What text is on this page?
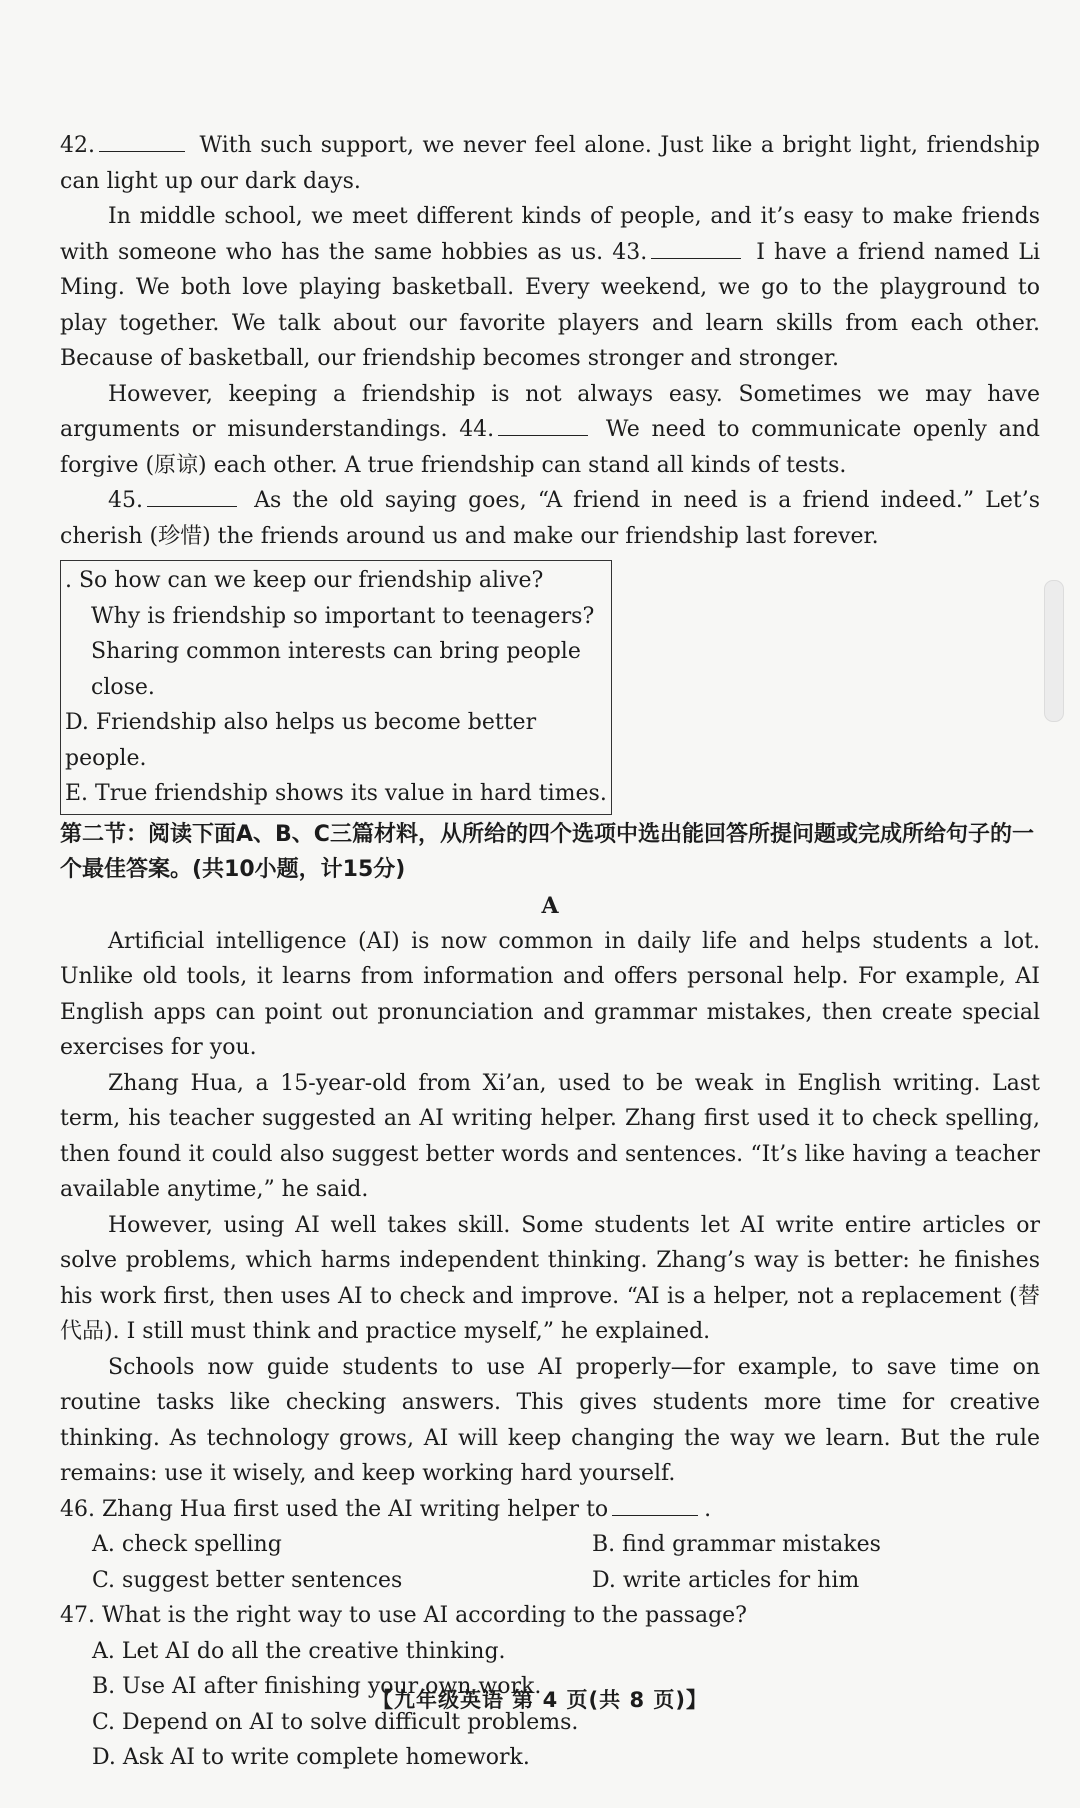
42.	With such support, we never feel alone. Just like a bright light, friendship can light up our dark days.

In middle school, we meet different kinds of people, and it’s easy to make friends with someone who has the same hobbies as us. 43.	I have a friend named Li Ming. We both love playing basketball. Every weekend, we go to the playground to play together. We talk about our favorite players and learn skills from each other. Because of basketball, our friendship becomes stronger and stronger.

However, keeping a friendship is not always easy. Sometimes we may have arguments or misunderstandings. 44.	We need to communicate openly and forgive (原谅) each other. A true friendship can stand all kinds of tests.

45.	As the old saying goes, “A friend in need is a friend indeed.” Let’s cherish (珍惜) the friends around us and make our friendship last forever.

. So how can we keep our friendship alive?
Why is friendship so important to teenagers?
Sharing common interests can bring people close.
D. Friendship also helps us become better people.
E. True friendship shows its value in hard times.
第二节：阅读下面A、B、C三篇材料，从所给的四个选项中选出能回答所提问题或完成所给句子的一个最佳答案。(共10小题，计15分)
A

Artificial intelligence (AI) is now common in daily life and helps students a lot. Unlike old tools, it learns from information and offers personal help. For example, AI English apps can point out pronunciation and grammar mistakes, then create special exercises for you.

Zhang Hua, a 15-year-old from Xi’an, used to be weak in English writing. Last term, his teacher suggested an AI writing helper. Zhang first used it to check spelling, then found it could also suggest better words and sentences. “It’s like having a teacher available anytime,” he said.

However, using AI well takes skill. Some students let AI write entire articles or solve problems, which harms independent thinking. Zhang’s way is better: he finishes his work first, then uses AI to check and improve. “AI is a helper, not a replacement (替代品). I still must think and practice myself,” he explained.

Schools now guide students to use AI properly—for example, to save time on routine tasks like checking answers. This gives students more time for creative thinking. As technology grows, AI will keep changing the way we learn. But the rule remains: use it wisely, and keep working hard yourself.

46. Zhang Hua first used the AI writing helper to	.

A. check spelling	B. find grammar mistakes
C. suggest better sentences	D. write articles for him

47. What is the right way to use AI according to the passage?

A. Let AI do all the creative thinking.
B. Use AI after finishing your own work.
C. Depend on AI to solve difficult problems.
D. Ask AI to write complete homework.
【九年级英语 第 4 页(共 8 页)】
